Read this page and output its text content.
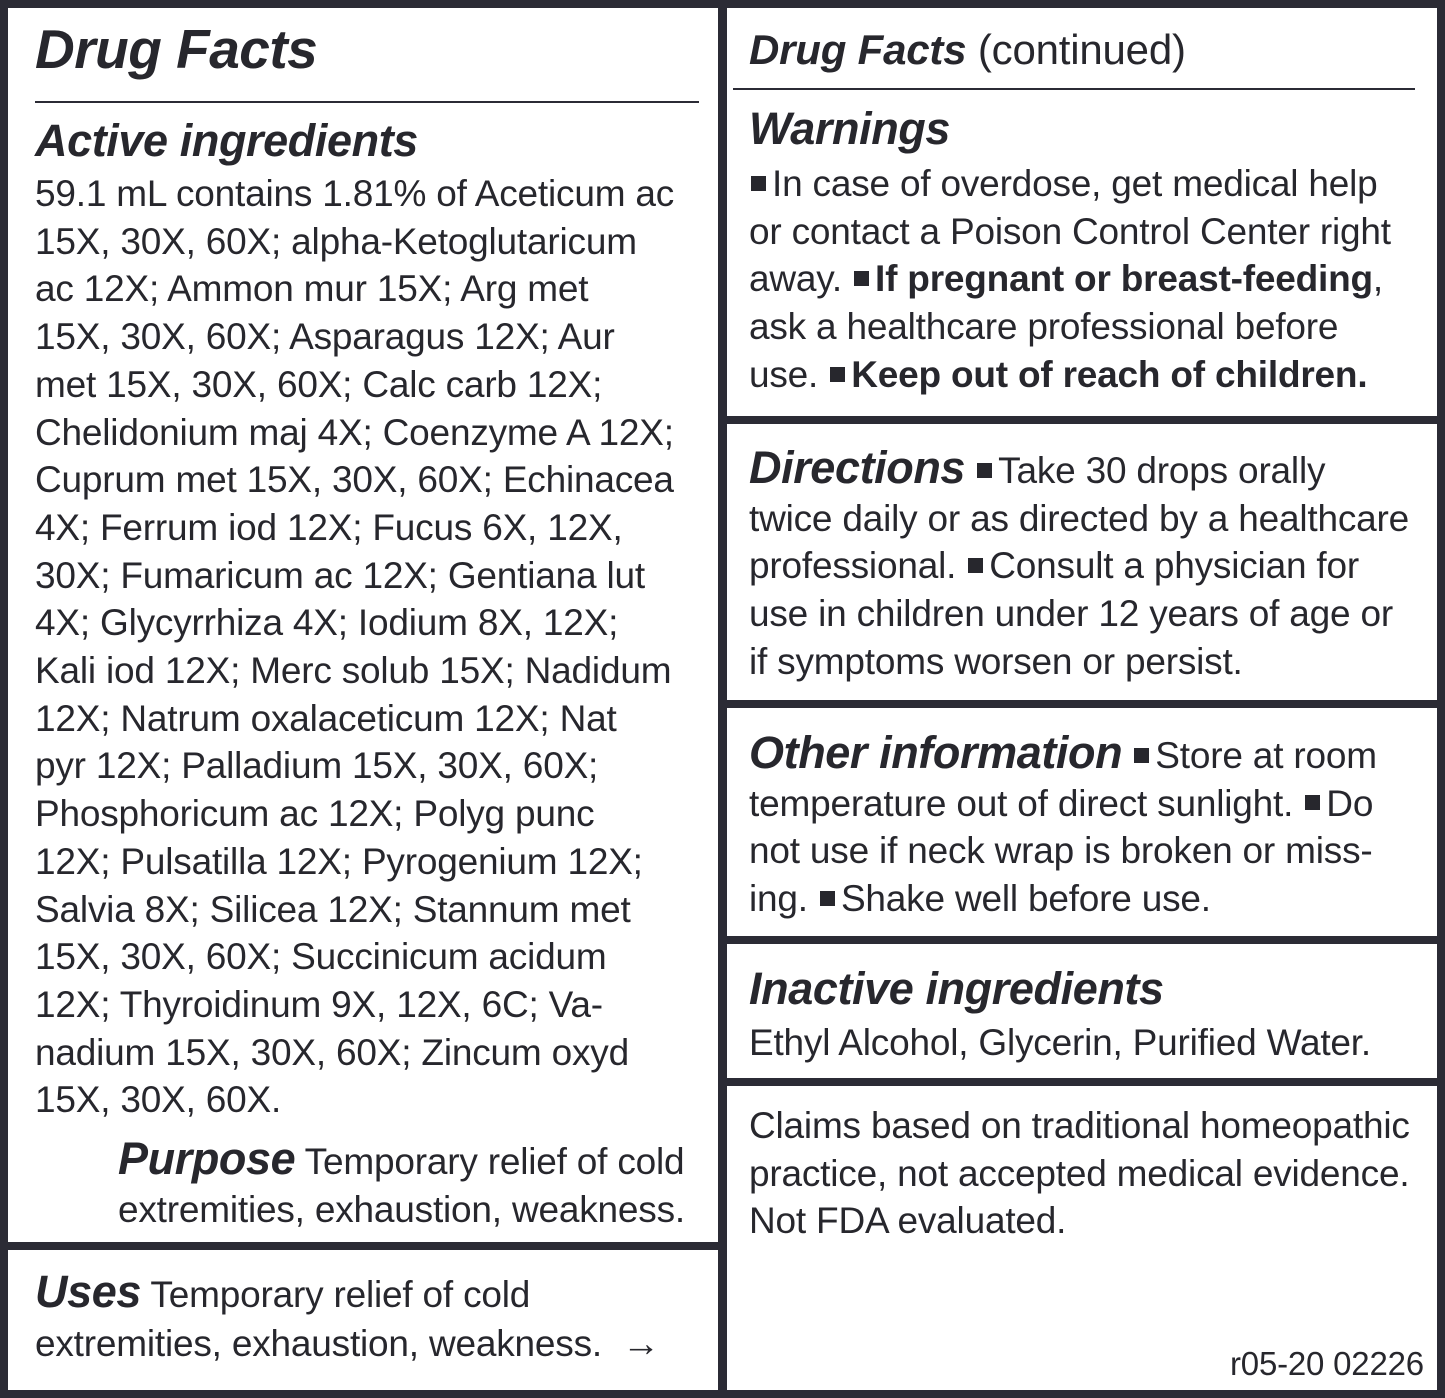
Drug Facts
Active ingredients
59.1 mL contains 1.81% of Aceticum ac
15X, 30X, 60X; alpha-Ketoglutaricum
ac 12X; Ammon mur 15X; Arg met
15X, 30X, 60X; Asparagus 12X; Aur
met 15X, 30X, 60X; Calc carb 12X;
Chelidonium maj 4X; Coenzyme A 12X;
Cuprum met 15X, 30X, 60X; Echinacea
4X; Ferrum iod 12X; Fucus 6X, 12X,
30X; Fumaricum ac 12X; Gentiana lut
4X; Glycyrrhiza 4X; Iodium 8X, 12X;
Kali iod 12X; Merc solub 15X; Nadidum
12X; Natrum oxalaceticum 12X; Nat
pyr 12X; Palladium 15X, 30X, 60X;
Phosphoricum ac 12X; Polyg punc
12X; Pulsatilla 12X; Pyrogenium 12X;
Salvia 8X; Silicea 12X; Stannum met
15X, 30X, 60X; Succinicum acidum
12X; Thyroidinum 9X, 12X, 6C; Va-
nadium 15X, 30X, 60X; Zincum oxyd
15X, 30X, 60X.
Purpose Temporary relief of cold
extremities, exhaustion, weakness.
Uses Temporary relief of cold
extremities, exhaustion, weakness. →
Drug Facts (continued)
Warnings
In case of overdose, get medical help
or contact a Poison Control Center right
away. If pregnant or breast-feeding,
ask a healthcare professional before
use. Keep out of reach of children.
Directions Take 30 drops orally
twice daily or as directed by a healthcare
professional. Consult a physician for
use in children under 12 years of age or
if symptoms worsen or persist.
Other information Store at room
temperature out of direct sunlight. Do
not use if neck wrap is broken or miss-
ing. Shake well before use.
Inactive ingredients
Ethyl Alcohol, Glycerin, Purified Water.
Claims based on traditional homeopathic
practice, not accepted medical evidence.
Not FDA evaluated.
r05-20 02226
